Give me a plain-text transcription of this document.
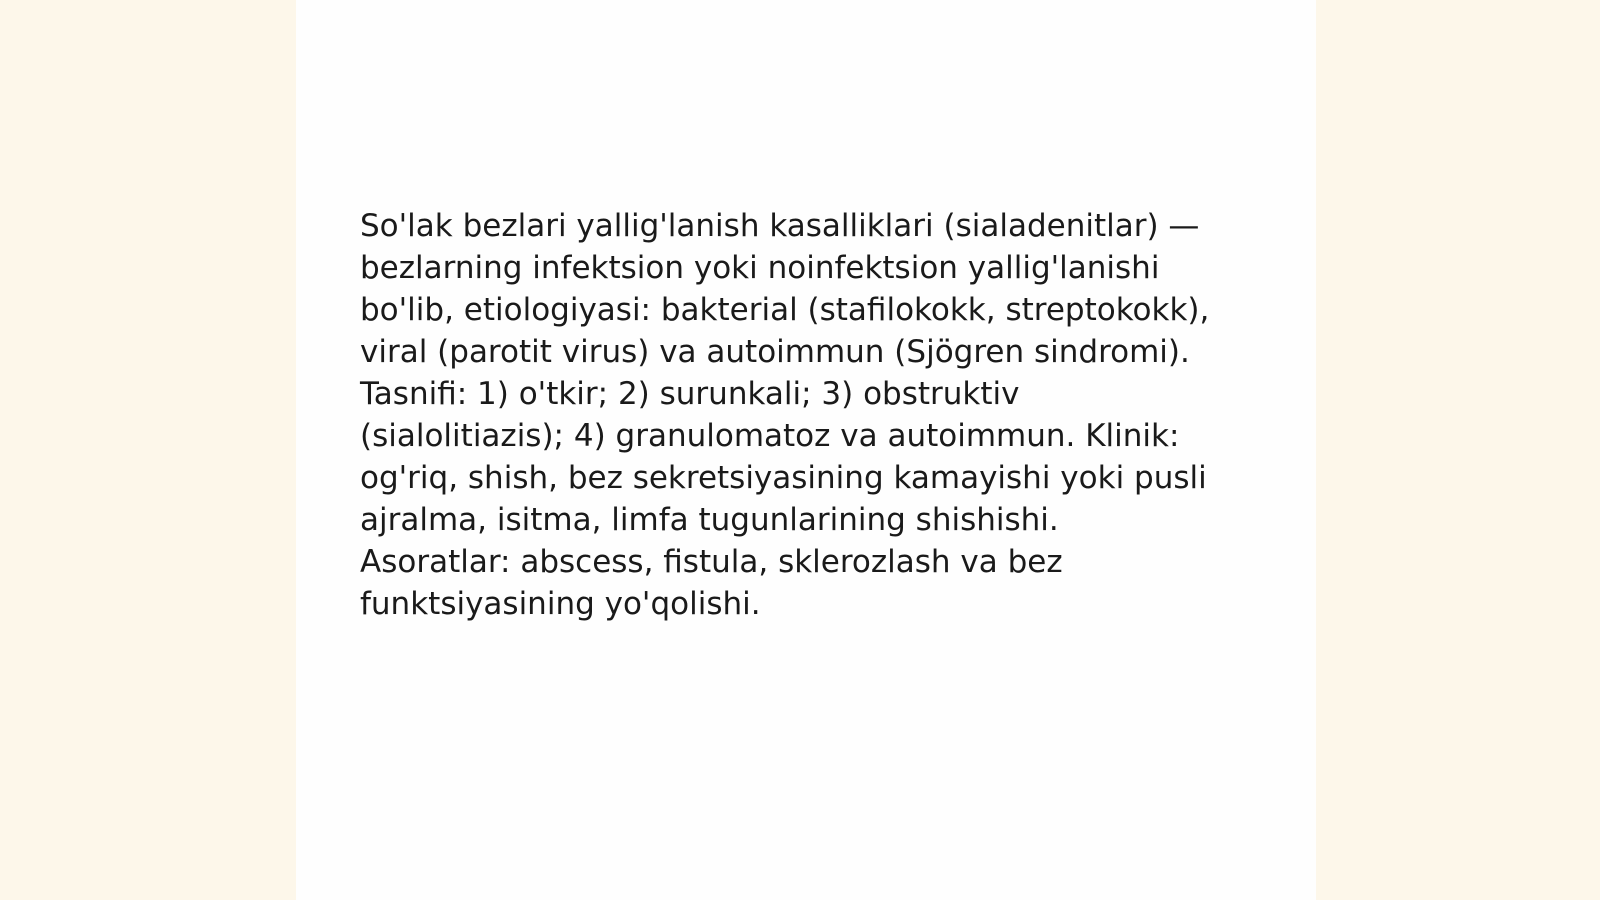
So'lak bezlari yallig'lanish kasalliklari (sialadenitlar) —
bezlarning infektsion yoki noinfektsion yallig'lanishi
bo'lib, etiologiyasi: bakterial (stafilokokk, streptokokk),
viral (parotit virus) va autoimmun (Sjögren sindromi).
Tasnifi: 1) o'tkir; 2) surunkali; 3) obstruktiv
(sialolitiazis); 4) granulomatoz va autoimmun. Klinik:
og'riq, shish, bez sekretsiyasining kamayishi yoki pusli
ajralma, isitma, limfa tugunlarining shishishi.
Asoratlar: abscess, fistula, sklerozlash va bez
funktsiyasining yo'qolishi.
